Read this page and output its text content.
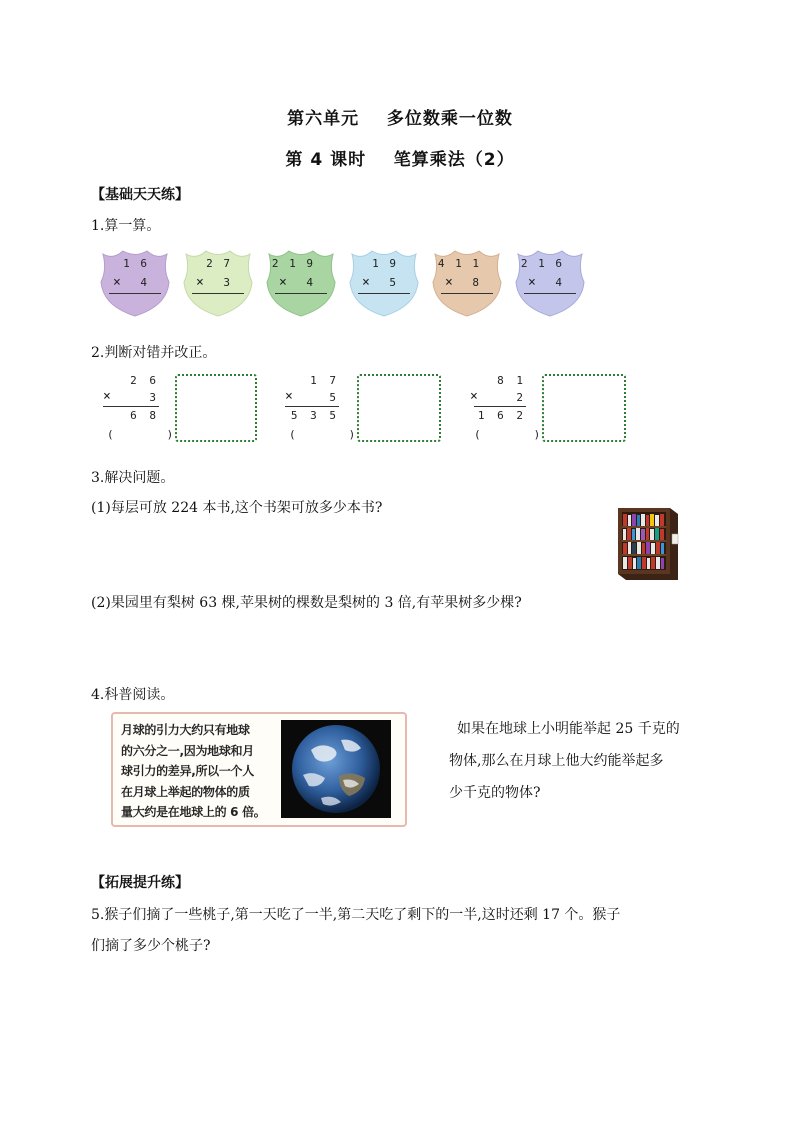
第六单元    多位数乘一位数
第 4 课时    笔算乘法（2）
【基础天天练】
1.算一算。
1 6
×	4
2 7
×	3
2 1 9
×	4
1 9
×	5
4 1 1
×	8
2 1 6
×	4
2.判断对错并改正。
2 6
×	3
6 8
(        )
1 7
×	5
5 3 5
(        )
8 1
×	2
1 6 2
(        )
3.解决问题。
(1)每层可放 224 本书,这个书架可放多少本书?
(2)果园里有梨树 63 棵,苹果树的棵数是梨树的 3 倍,有苹果树多少棵?
4.科普阅读。
月球的引力大约只有地球
的六分之一,因为地球和月
球引力的差异,所以一个人
在月球上举起的物体的质
量大约是在地球上的 6 倍。
如果在地球上小明能举起 25 千克的
物体,那么在月球上他大约能举起多
少千克的物体?
【拓展提升练】
5.猴子们摘了一些桃子,第一天吃了一半,第二天吃了剩下的一半,这时还剩 17 个。猴子
们摘了多少个桃子?
